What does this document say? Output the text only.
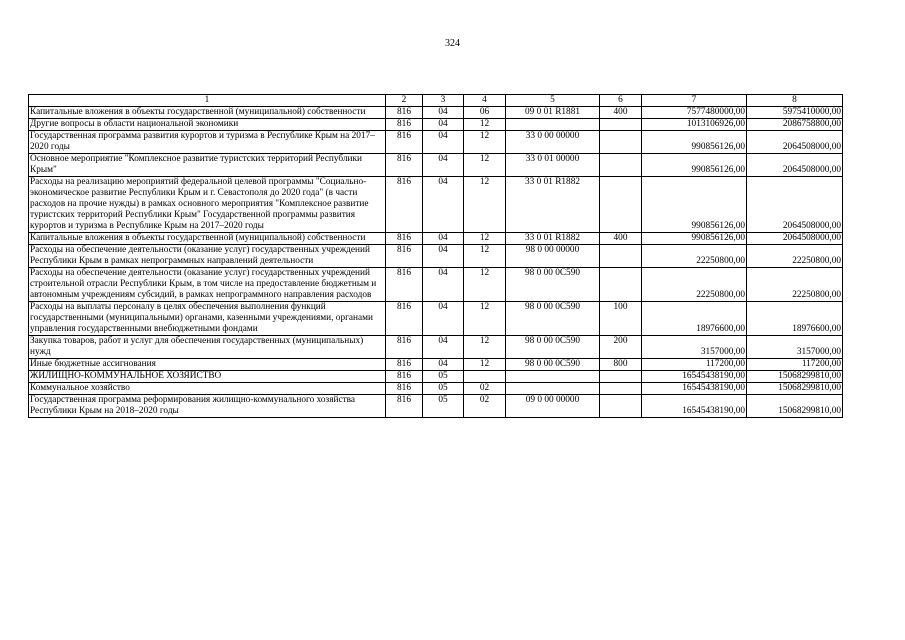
324
1	2	3	4	5	6	7	8
Капитальные вложения в объекты государственной (муниципальной) собственности	816	04	06	09 0 01 R1881	400	7577480000,00	5975410000,00
Другие вопросы в области национальной экономики	816	04	12			1013106926,00	2086758800,00
Государственная программа развития курортов и туризма в Республике Крым на 2017–2020 годы	816	04	12	33 0 00 00000		990856126,00	2064508000,00
Основное мероприятие "Комплексное развитие туристских территорий Республики Крым"	816	04	12	33 0 01 00000		990856126,00	2064508000,00
Расходы на реализацию мероприятий федеральной целевой программы "Социально-экономическое развитие Республики Крым и г. Севастополя до 2020 года" (в части расходов на прочие нужды) в рамках основного мероприятия "Комплексное развитие туристских территорий Республики Крым" Государственной программы развития курортов и туризма в Республике Крым на 2017–2020 годы	816	04	12	33 0 01 R1882		990856126,00	2064508000,00
Капитальные вложения в объекты государственной (муниципальной) собственности	816	04	12	33 0 01 R1882	400	990856126,00	2064508000,00
Расходы на обеспечение деятельности (оказание услуг) государственных учреждений Республики Крым в рамках непрограммных направлений деятельности	816	04	12	98 0 00 00000		22250800,00	22250800,00
Расходы на обеспечение деятельности (оказание услуг) государственных учреждений строительной отрасли Республики Крым, в том числе на предоставление бюджетным и автономным учреждениям субсидий, в рамках непрограммного направления расходов	816	04	12	98 0 00 0С590		22250800,00	22250800,00
Расходы на выплаты персоналу в целях обеспечения выполнения функций государственными (муниципальными) органами, казенными учреждениями, органами управления государственными внебюджетными фондами	816	04	12	98 0 00 0С590	100	18976600,00	18976600,00
Закупка товаров, работ и услуг для обеспечения государственных (муниципальных) нужд	816	04	12	98 0 00 0С590	200	3157000,00	3157000,00
Иные бюджетные ассигнования	816	04	12	98 0 00 0С590	800	117200,00	117200,00
ЖИЛИЩНО-КОММУНАЛЬНОЕ ХОЗЯЙСТВО	816	05				16545438190,00	15068299810,00
Коммунальное хозяйство	816	05	02			16545438190,00	15068299810,00
Государственная программа реформирования жилищно-коммунального хозяйства Республики Крым на 2018–2020 годы	816	05	02	09 0 00 00000		16545438190,00	15068299810,00
